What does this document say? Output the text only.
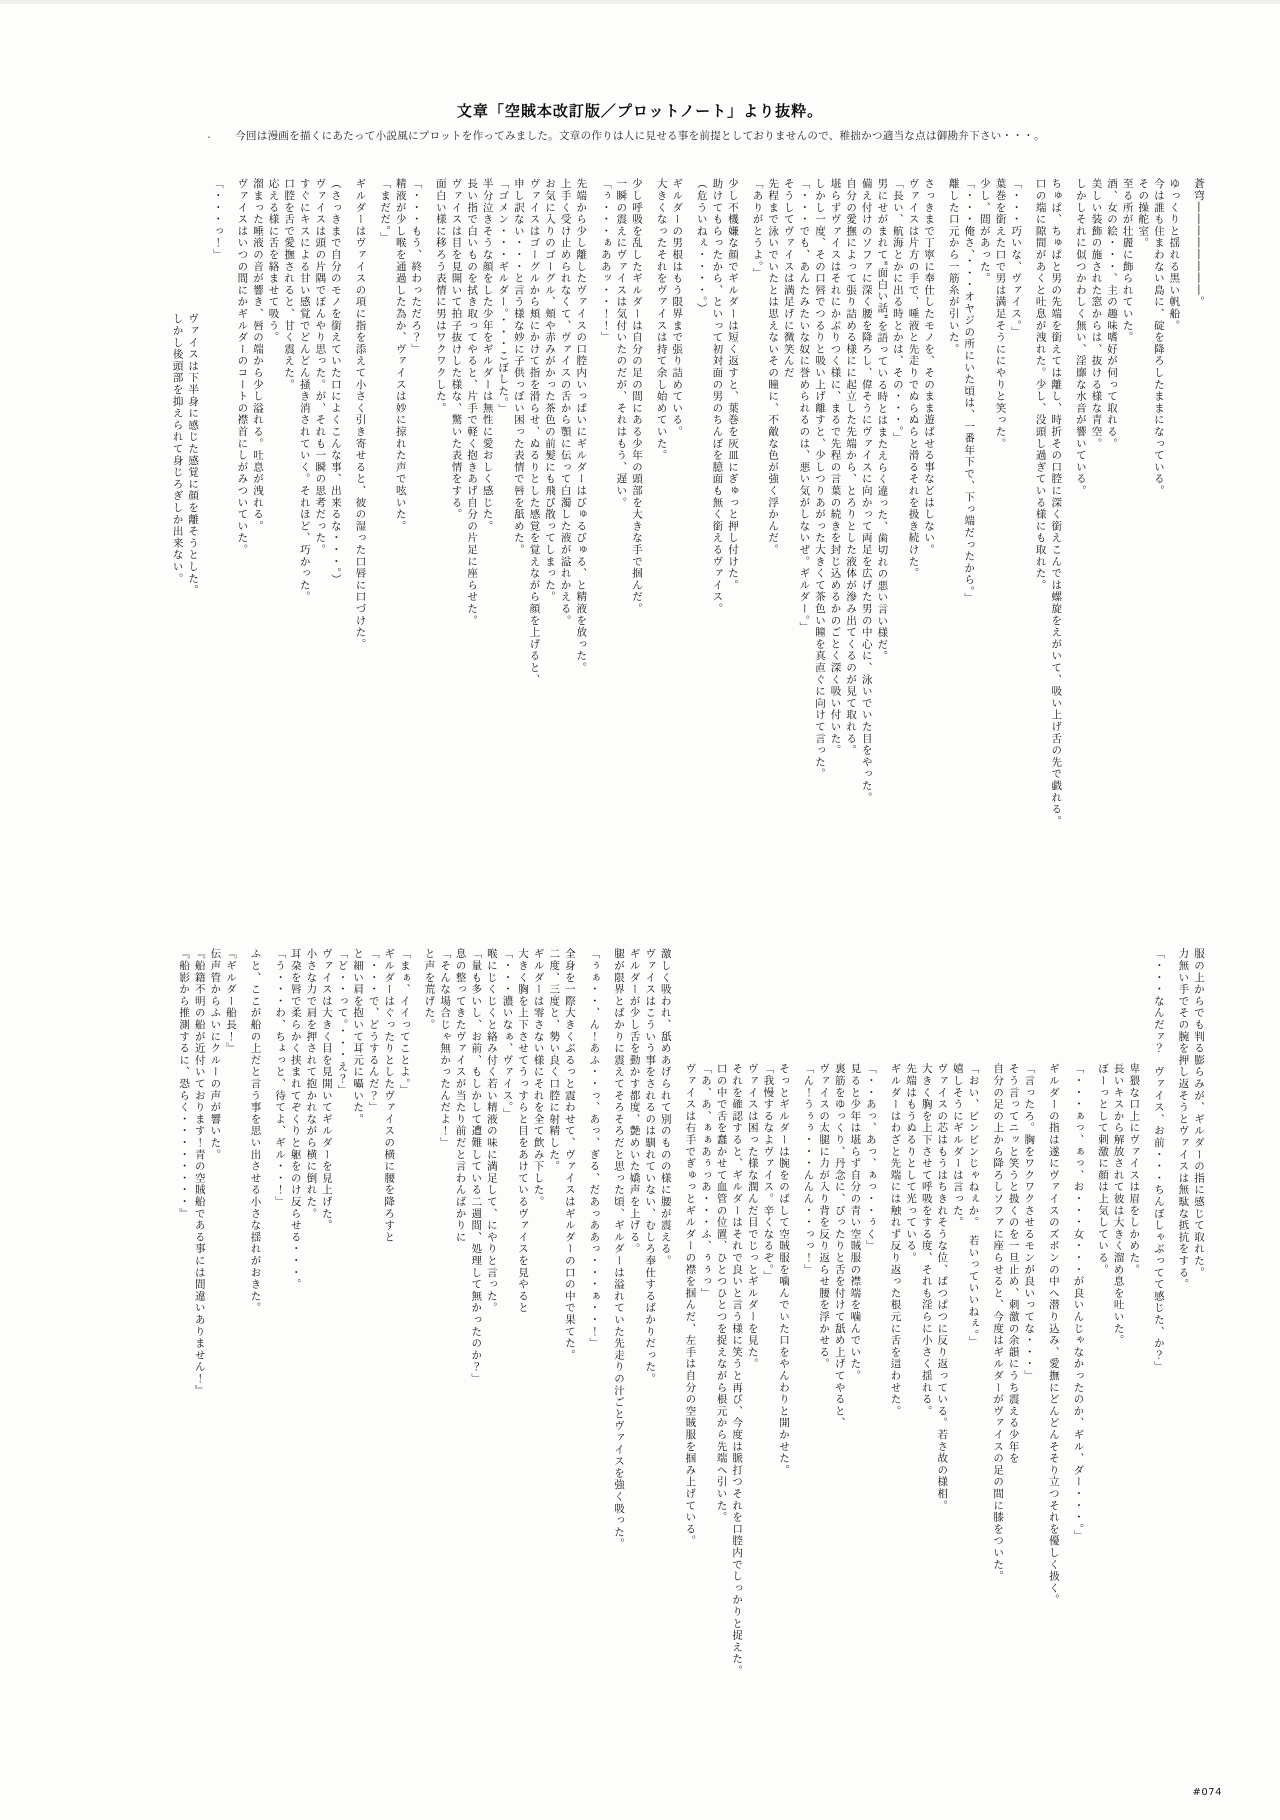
文章「空賊本改訂版／プロットノート」より抜粋。

・ 今回は漫画を描くにあたって小説風にプロットを作ってみました。文章の作りは人に見せる事を前提としておりませんので、稚拙かつ適当な点は御勘弁下さい・・・。

蒼穹――――――――。

ゆっくりと揺れる黒い帆船。

今は誰も住まわない島に、碇を降ろしたままになっている。

その操舵室。

至る所が壮麗に飾られていた。

酒、女の絵・・・、主の趣味嗜好が伺って取れる。

美しい装飾の施された窓からは、抜ける様な青空。

しかしそれに似つかわしく無い、淫靡な水音が響いている。

ちゅぱ、ちゅぱと男の先端を銜えては離し、時折その口腔に深く銜えこんでは螺旋をえがいて、吸い上げ舌の先で戯れる。

口の端に隙間があくと吐息が洩れた。少し、没頭し過ぎている様にも取れた。

「・・・巧いな、ヴァイス。」

葉巻を銜えた口で男は満足そうににやりと笑った。

少し、間があった。

「・・・俺さ、・・・オヤジの所にいた頃は、一番年下で、下っ端だったから。」

離した口元から一筋糸が引いた。

さっきまで丁寧に奉仕したモノを、そのまま遊ばせる事などはしない。

ヴァイスは片方の手で、唾液と先走りでぬらぬらと滑るそれを扱き続けた。

「長い、航海とかに出る時とかは、その・・・。」

男にせがまれて"面白い話"を語っている時とはまたえらく違った、歯切れの悪い言い様だ。

備え付けのソファに深く腰を降ろし、偉そうにヴァイスに向かって両足を広げた男の中心に、泳いでいた目をやった。

自分の愛撫によって張り詰める様にに起立した先端から、とろりとした液体が滲み出てくるのが見て取れる。

堪らずヴァイスはそれにかぶりつく様に、まるで先程の言葉の続きを封じ込めるかのごとく深く吸い付いた。

しかし一度、その口唇でつるりと吸い上げ離すと、少しつりあがった大きくて茶色い瞳を真直ぐに向けて言った。

「・・・でも、あんたみたいな奴に誉められるのは、悪い気がしないぜ。ギルダー。」

そうしてヴァイスは満足げに微笑んだ

先程まで泳いでいたとは思えないその瞳に、不敵な色が強く浮かんだ。

「ありがとうよ。」

少し不機嫌な顔でギルダーは短く返すと、葉巻を灰皿にぎゅっと押し付けた。

助けてもらったから、といって初対面の男のちんぼを臆面も無く銜えるヴァイス。

（危ういねぇ・・・・。）

ギルダーの男根はもう限界まで張り詰めている。

大きくなったそれをヴァイスは持て余し始めていた。

少し呼吸を乱したギルダーは自分の足の間にある少年の頭部を大きな手で掴んだ。

一瞬の震えにヴァイスは気付いたのだが、それはもう、遅い。

「ぅ・・・ぁああッ・・！！」

先端から少し離したヴァイスの口腔内いっぱいにギルダーはびゅるびゅる、と精液を放った。

上手く受け止められなくて、ヴァイスの舌から顎に伝って白濁した液が溢れかえる。

お気に入りのゴーグル、頬や赤みがかった茶色の前髪にも飛び散ってしまった。

ヴァイスはゴーグルから頬にかけて指を滑らせ、ぬるりとした感覚を覚えながら顔を上げると、

申し訳ない・・・と言う様な妙に子供っぽい困った表情で唇を舐めた。

「ゴメン・・・ギルダー。・・・こぼした。」

半分泣きそうな顔をした少年をギルダーは無性に愛おしく感じた。

長い指で白いものを拭き取ってやると、片手で軽く抱きあげ自分の片足に座らせた。

ヴァイスは目を見開いて拍子抜けした様な、驚いた表情をする。

面白い様に移ろう表情に男はワクワクした。

「・・・もう、終わっただろ？」

精液が少し喉を通過した為か、ヴァイスは妙に掠れた声で呟いた。

「まだだ。」

ギルダーはヴァイスの項に指を添えて小さく引き寄せると、彼の湿った口唇に口づけた。

（さっきまで自分のモノを銜えていた口によくこんな事、出来るな・・・。）

ヴァイスは頭の片隅でぼんやり思った。が、それも一瞬の思考だった。

すぐにキスによる甘い感覚でどんどん掻き消されていく。それほど、巧かった。

口腔を舌で愛撫されると、甘く震えた。

応える様に舌を絡ませて吸う。

溜まった唾液の音が響き、唇の端から少し溢れる。吐息が洩れる。

ヴァイスはいつの間にかギルダーのコートの襟首にしがみついていた。

「・・・っ！」

ヴァイスは下半身に感じた感覚に顔を離そうとした。

しかし後頭部を抑えられて身じろぎしか出来ない。

服の上からでも判る膨らみが、ギルダーの指に感じて取れた。

力無い手でその腕を押し返そうとヴァイスは無駄な抵抗をする。

「・・・なんだァ？　ヴァイス、お前・・・ちんぼしゃぶってて感じた、か？」

卑猥な口上にヴァイスは眉をしかめた。

長いキスから解放されて彼は大きく溜め息を吐いた。

ぼーっとして刺激に顔は上気している。

「・・・ぁっ、ぁっ、お・・・女・・・が良いんじゃなかったのか、ギル、ダー・・・。」

ギルダーの指は遂にヴァイスのズボンの中へ潜り込み、愛撫にどんどんそそり立つそれを優しく扱く。

「言ったろ。胸をワクワクさせるモンが良いってな・・・」

そう言ってニッと笑うと扱くのを一旦止め、刺激の余韻にうち震える少年を

自分の足の上から降ろしソファに座らせると、今度はギルダーがヴァイスの足の間に膝をついた。

「おい、ビンビンじゃねぇか。　若いっていいねぇ。」

嬉しそうにギルダーは言った。

ヴァイスの芯はもうはちきれそうな位、ぱつぱつに反り返っている。若さ故の様相。

大きく胸を上下させて呼吸をする度、それも淫らに小さく揺れる。

先端はもうぬるりとして光っている。

ギルダーはわざと先端には触れず反り返った根元に舌を這わせた。

「・・あっ、あっ、ぁっ・・ぅく」

見ると少年は堪らず自分の青い空賊服の襟端を噛んでいた。

裏筋をゆっくり、丹念に、ぴったりと舌を付けて舐め上げてやると、

ヴァイスの太腿に力が入り背を反り返らせ腰を浮かせる。

「ん！うぅぅ・・・んんん・・っっ！」

そっとギルダーは腕をのばして空賊服を噛んでいた口をやんわりと開かせた。

「我慢するなよヴァイス。辛くなるぞ。」

ヴァイスは困った様な潤んだ目でじっとギルダーを見た。

それを確認すると、ギルダーはそれで良いと言う様に笑うと再び、今度は脈打つそれを口腔内でしっかりと捉えた。

口の中で舌を蠢かせて血管の位置、ひとつひとつを捉えながら根元から先端へ引いた。

「あ、あ、ぁぁあぅっあ・・・ふ、ぅぅっ」

ヴァイスは右手でぎゅっとギルダーの襟を掴んだ、左手は自分の空賊服を掴み上げている。

激しく吸われ、舐めあげられて別のものの様に腰が震える。

ヴァイスはこういう事をされるのは馴れていない、むしろ奉仕するばかりだった。

ギルダーが少し舌を動かす都度、艶めいた嬌声を上げる。

腿が限界とばかりに震えてそろそろだと思った頃、ギルダーは溢れていた先走りの汁ごとヴァイスを強く吸った。

「ぅぁ・・、ん！あふ・・っ、あっ、ぎる、だあっああっ・・・ぁ・・！」

全身を一際大きくぶるっと震わせて、ヴァイスはギルダーの口の中で果てた。

二度、三度と、勢い良く口腔に射精した。

ギルダーは零さない様にそれを全て飲み下した。

大きく胸を上下させてうっすらと目をあけているヴァイスを見やると

「・・・濃いなぁ、ヴァイス。」

喉にじくじくと絡み付く若い精液の味に満足して、にやりと言った。

「量も多いし、お前、もしかして遭難している二週間、処理して無かったのか？」

息の整ってきたヴァイスが当たり前だと言わんばかりに

「そんな場合じゃ無かったんだよ！」

と声を荒げた。

「まぁ、イイってことよ。」

ギルダーはぐったりとしたヴァイスの横に腰を降ろすと

「・・・で、どうするんだ？」

と細い肩を抱いて耳元に囁いた。

「ど・・って。・・・え？」

ヴァイスは大きく目を見開いてギルダーを見上げた。

小さな力で肩を押されて抱かれながら横に倒れた。

耳朶を唇で柔らかく挟まれてぞくりと躯をのけ反らせる・・・。

「う・・・わ、ちょっと、待てよ、ギル・・！」

ふと、ここが船の上だと言う事を思い出させる小さな揺れがおきた。

『ギルダー船長！』

伝声管からふいにクルーの声が響いた。

『船籍不明の船が近付いております！青の空賊船である事には間違いありません！』

『船影から推測するに、恐らく・・・・・・・・』

#074
